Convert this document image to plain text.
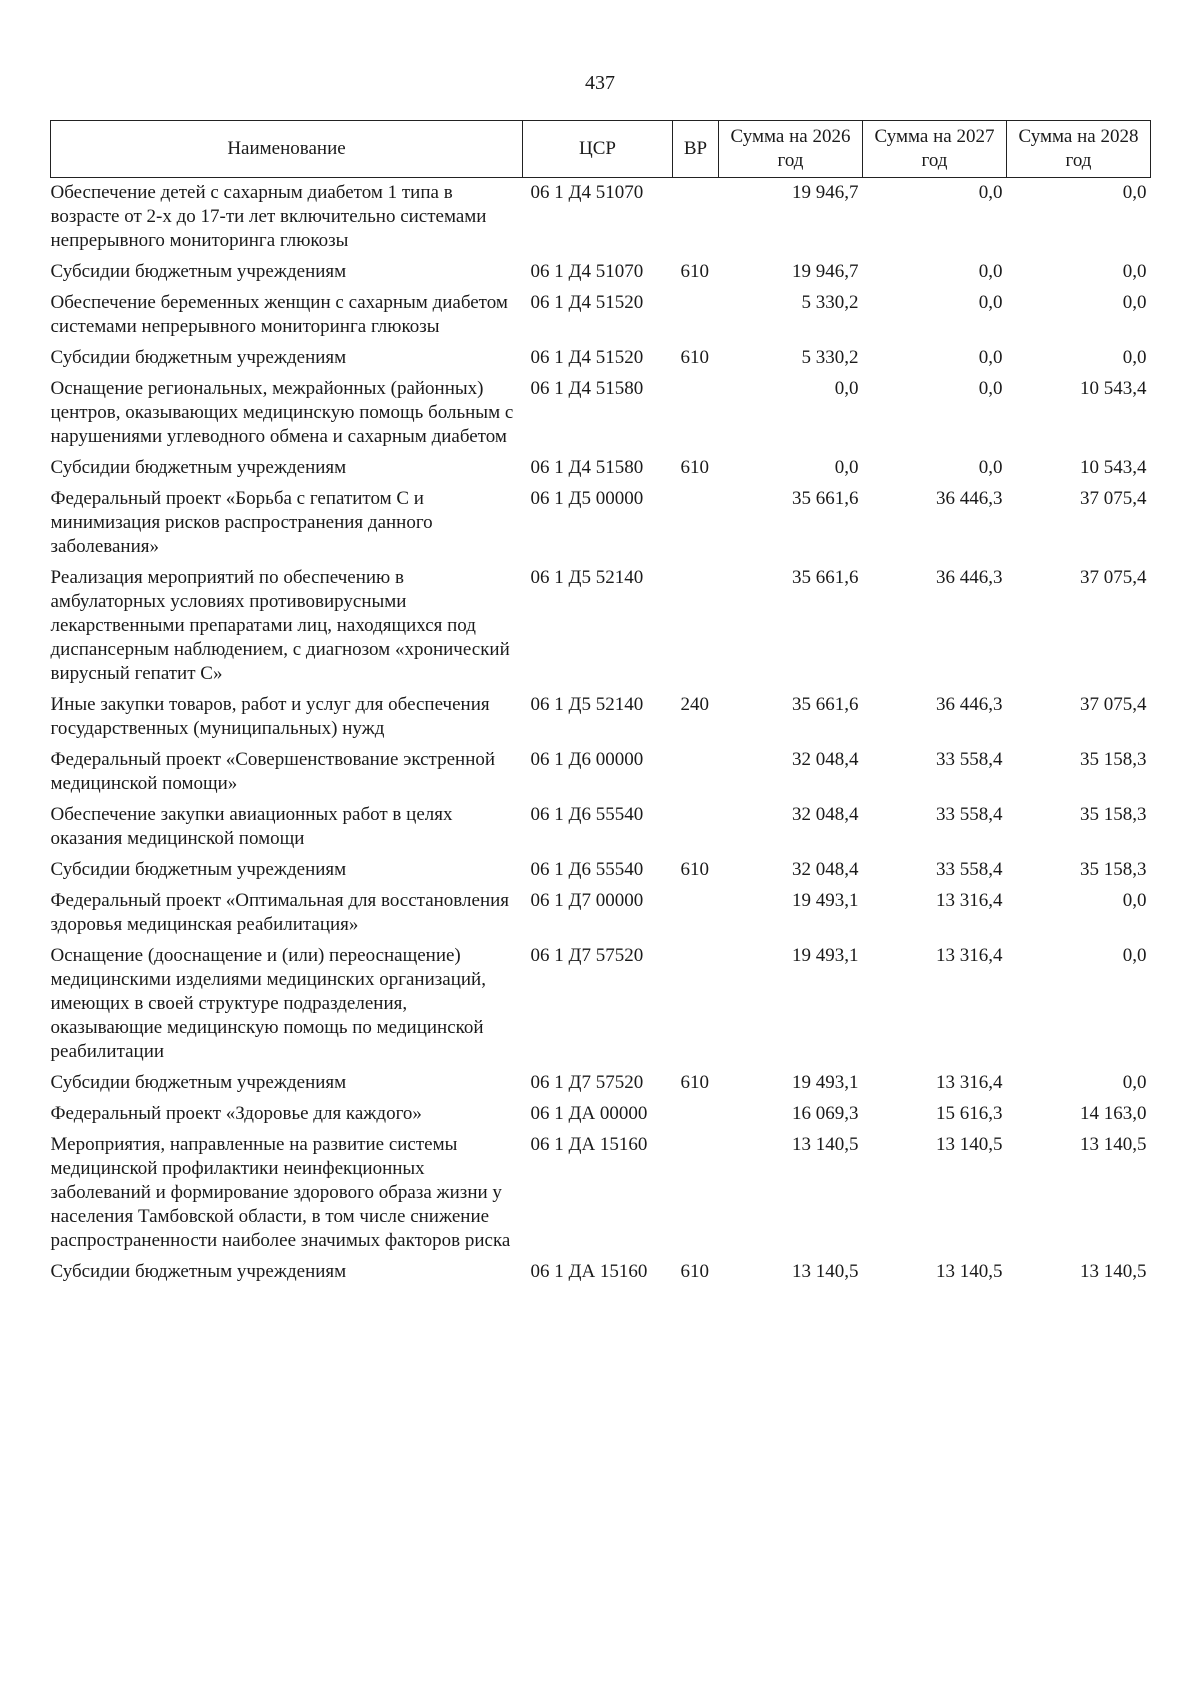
437
Наименование	ЦСР	ВР	Сумма на 2026 год	Сумма на 2027 год	Сумма на 2028 год
Обеспечение детей с сахарным диабетом 1 типа в возрасте от 2-х до 17-ти лет включительно системами непрерывного мониторинга глюкозы	06 1 Д4 51070		19 946,7	0,0	0,0
Субсидии бюджетным учреждениям	06 1 Д4 51070	610	19 946,7	0,0	0,0
Обеспечение беременных женщин с сахарным диабетом системами непрерывного мониторинга глюкозы	06 1 Д4 51520		5 330,2	0,0	0,0
Субсидии бюджетным учреждениям	06 1 Д4 51520	610	5 330,2	0,0	0,0
Оснащение региональных, межрайонных (районных) центров, оказывающих медицинскую помощь больным с нарушениями углеводного обмена и сахарным диабетом	06 1 Д4 51580		0,0	0,0	10 543,4
Субсидии бюджетным учреждениям	06 1 Д4 51580	610	0,0	0,0	10 543,4
Федеральный проект «Борьба с гепатитом С и минимизация рисков распространения данного заболевания»	06 1 Д5 00000		35 661,6	36 446,3	37 075,4
Реализация мероприятий по обеспечению в амбулаторных условиях противовирусными лекарственными препаратами лиц, находящихся под диспансерным наблюдением, с диагнозом «хронический вирусный гепатит С»	06 1 Д5 52140		35 661,6	36 446,3	37 075,4
Иные закупки товаров, работ и услуг для обеспечения государственных (муниципальных) нужд	06 1 Д5 52140	240	35 661,6	36 446,3	37 075,4
Федеральный проект «Совершенствование экстренной медицинской помощи»	06 1 Д6 00000		32 048,4	33 558,4	35 158,3
Обеспечение закупки авиационных работ в целях оказания медицинской помощи	06 1 Д6 55540		32 048,4	33 558,4	35 158,3
Субсидии бюджетным учреждениям	06 1 Д6 55540	610	32 048,4	33 558,4	35 158,3
Федеральный проект «Оптимальная для восстановления здоровья медицинская реабилитация»	06 1 Д7 00000		19 493,1	13 316,4	0,0
Оснащение (дооснащение и (или) переоснащение) медицинскими изделиями медицинских организаций, имеющих в своей структуре подразделения, оказывающие медицинскую помощь по медицинской реабилитации	06 1 Д7 57520		19 493,1	13 316,4	0,0
Субсидии бюджетным учреждениям	06 1 Д7 57520	610	19 493,1	13 316,4	0,0
Федеральный проект «Здоровье для каждого»	06 1 ДА 00000		16 069,3	15 616,3	14 163,0
Мероприятия, направленные на развитие системы медицинской профилактики неинфекционных заболеваний и формирование здорового образа жизни у населения Тамбовской области, в том числе снижение распространенности наиболее значимых факторов риска	06 1 ДА 15160		13 140,5	13 140,5	13 140,5
Субсидии бюджетным учреждениям	06 1 ДА 15160	610	13 140,5	13 140,5	13 140,5
